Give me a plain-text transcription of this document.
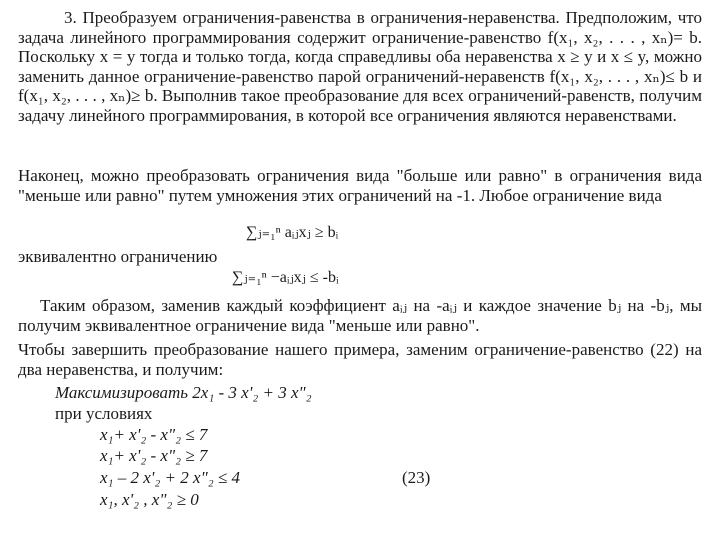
3. Преобразуем ограничения-равенства в ограничения-неравенства. Предположим, что задача линейного программирования содержит ограничение-равенство f(x₁, x₂, . . . , xₙ)= b. Поскольку x = y тогда и только тогда, когда справедливы оба неравенства x ≥ y и x ≤ y, можно заменить данное ограничение-равенство парой ограничений-неравенств f(x₁, x₂, . . . , xₙ)≤ b и f(x₁, x₂, . . . , xₙ)≥ b. Выполнив такое преобразование для всех ограничений-равенств, получим задачу линейного программирования, в которой все ограничения являются неравенствами.
Наконец, можно преобразовать ограничения вида "больше или равно" в ограничения вида "меньше или равно" путем умножения этих ограничений на -1. Любое ограничение вида
∑ⱼ₌₁ⁿ aᵢⱼxⱼ ≥ bᵢ
эквивалентно ограничению
∑ⱼ₌₁ⁿ −aᵢⱼxⱼ ≤ -bᵢ
Таким образом, заменив каждый коэффициент aᵢⱼ на -aᵢⱼ и каждое значение bⱼ на -bⱼ, мы получим эквивалентное ограничение вида "меньше или равно".
Чтобы завершить преобразование нашего примера, заменим ограничение-равенство (22) на два неравенства, и получим:
Максимизировать 2x₁ - 3 x'₂ + 3 x"₂
при условиях
x₁+ x'₂ - x"₂ ≤ 7
x₁+ x'₂ - x"₂ ≥ 7
x₁ – 2 x'₂ + 2 x"₂ ≤ 4	(23)
x₁, x'₂ , x"₂ ≥ 0
